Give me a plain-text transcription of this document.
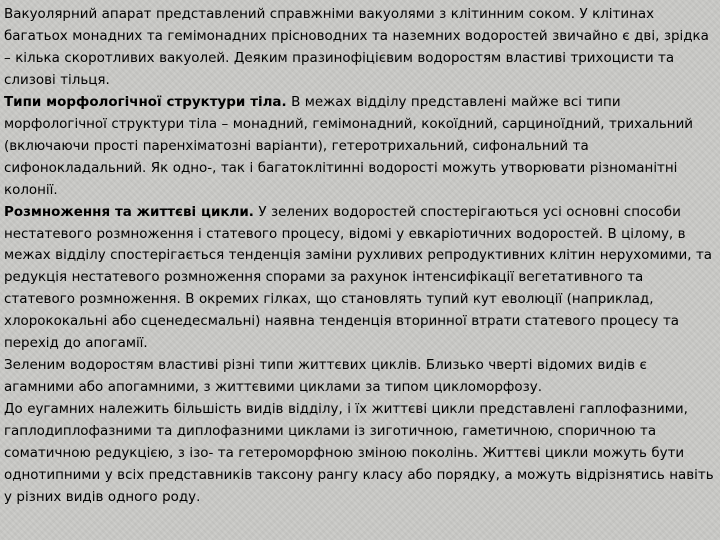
Вакуолярний апарат представлений справжніми вакуолями з клітинним соком. У клітинах багатьох монадних та гемімонадних прісноводних та наземних водоростей звичайно є дві, зрідка – кілька скоротливих вакуолей. Деяким празинофіцієвим водоростям властиві трихоцисти та слизові тільця.

Типи морфологічної структури тіла. В межах відділу представлені майже всі типи морфологічної структури тіла – монадний, гемімонадний, кокоїдний, сарциноїдний, трихальний (включаючи прості паренхіматозні варіанти), гетеротрихальний, сифональний та сифонокладальний. Як одно-, так і багатоклітинні водорості можуть утворювати різноманітні колонії.

Розмноження та життєві цикли. У зелених водоростей спостерігаються усі основні способи нестатевого розмноження і статевого процесу, відомі у евкаріотичних водоростей. В цілому, в межах відділу спостерігається тенденція заміни рухливих репродуктивних клітин нерухомими, та редукція нестатевого розмноження спорами за рахунок інтенсифікації вегетативного та статевого розмноження. В окремих гілках, що становлять тупий кут еволюції (наприклад, хлорококальні або сценедесмальні) наявна тенденція вторинної втрати статевого процесу та перехід до апогамії.

Зеленим водоростям властиві різні типи життєвих циклів. Близько чверті відомих видів є агамними або апогамними, з життєвими циклами за типом цикломорфозу.

До еугамних належить більшість видів відділу, і їх життєві цикли представлені гаплофазними, гаплодиплофазними та диплофазними циклами із зиготичною, гаметичною, споричною та соматичною редукцією, з ізо- та гетероморфною зміною поколінь. Життєві цикли можуть бути однотипними у всіх представників таксону рангу класу або порядку, а можуть відрізнятись навіть у різних видів одного роду.
